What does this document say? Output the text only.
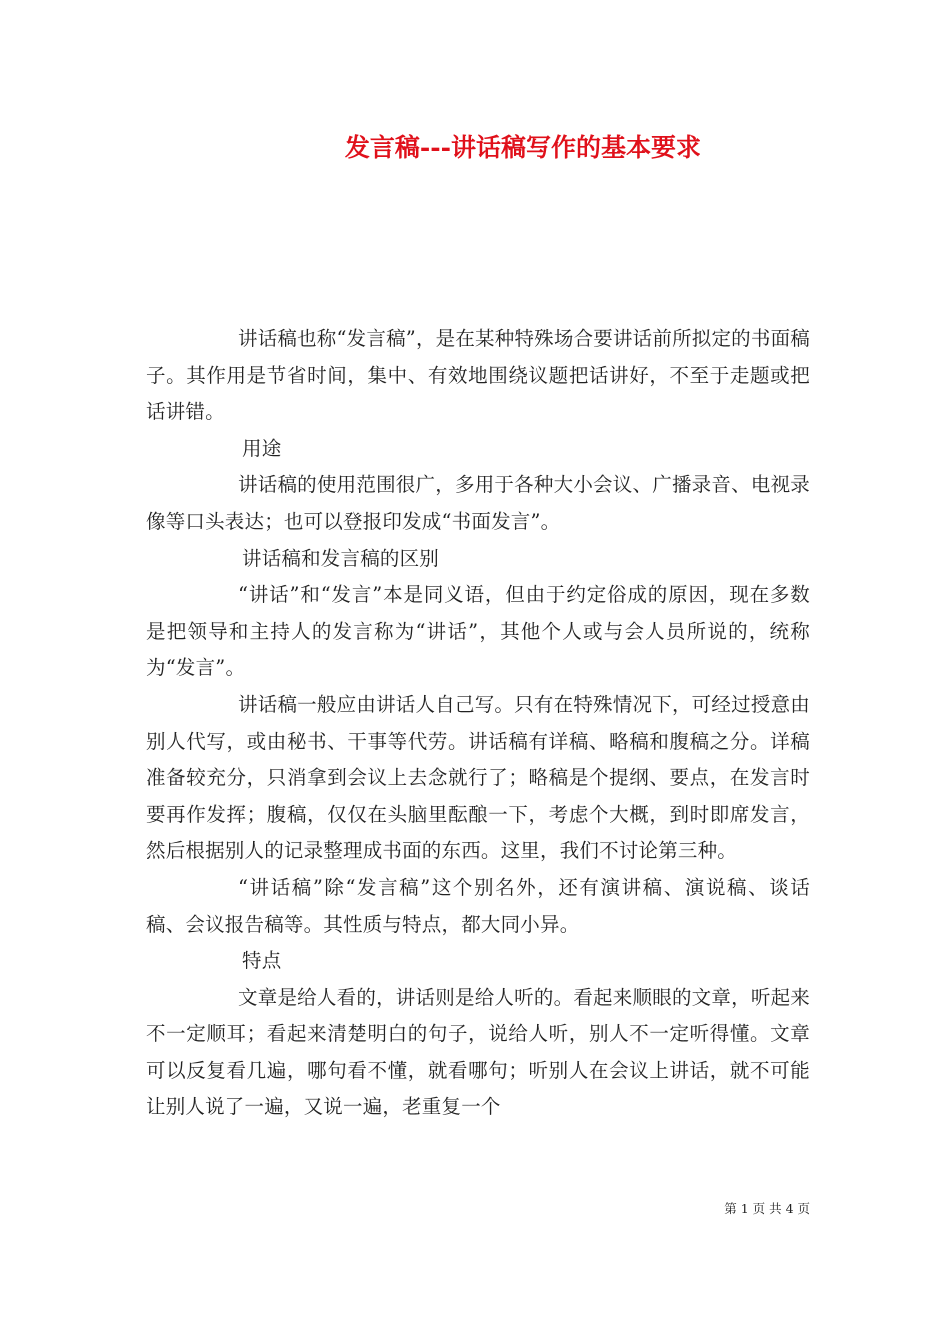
发言稿---讲话稿写作的基本要求

讲话稿也称“发言稿”，是在某种特殊场合要讲话前所拟定的书面稿子。其作用是节省时间，集中、有效地围绕议题把话讲好，不至于走题或把话讲错。

用途

讲话稿的使用范围很广，多用于各种大小会议、广播录音、电视录像等口头表达；也可以登报印发成“书面发言”。

讲话稿和发言稿的区别

“讲话”和“发言”本是同义语，但由于约定俗成的原因，现在多数是把领导和主持人的发言称为“讲话”，其他个人或与会人员所说的，统称为“发言”。

讲话稿一般应由讲话人自己写。只有在特殊情况下，可经过授意由别人代写，或由秘书、干事等代劳。讲话稿有详稿、略稿和腹稿之分。详稿准备较充分，只消拿到会议上去念就行了；略稿是个提纲、要点，在发言时要再作发挥；腹稿，仅仅在头脑里酝酿一下，考虑个大概，到时即席发言，然后根据别人的记录整理成书面的东西。这里，我们不讨论第三种。

“讲话稿”除“发言稿”这个别名外，还有演讲稿、演说稿、谈话稿、会议报告稿等。其性质与特点，都大同小异。

特点

文章是给人看的，讲话则是给人听的。看起来顺眼的文章，听起来不一定顺耳；看起来清楚明白的句子，说给人听，别人不一定听得懂。文章可以反复看几遍，哪句看不懂，就看哪句；听别人在会议上讲话，就不可能让别人说了一遍，又说一遍，老重复一个

第 1 页 共 4 页
